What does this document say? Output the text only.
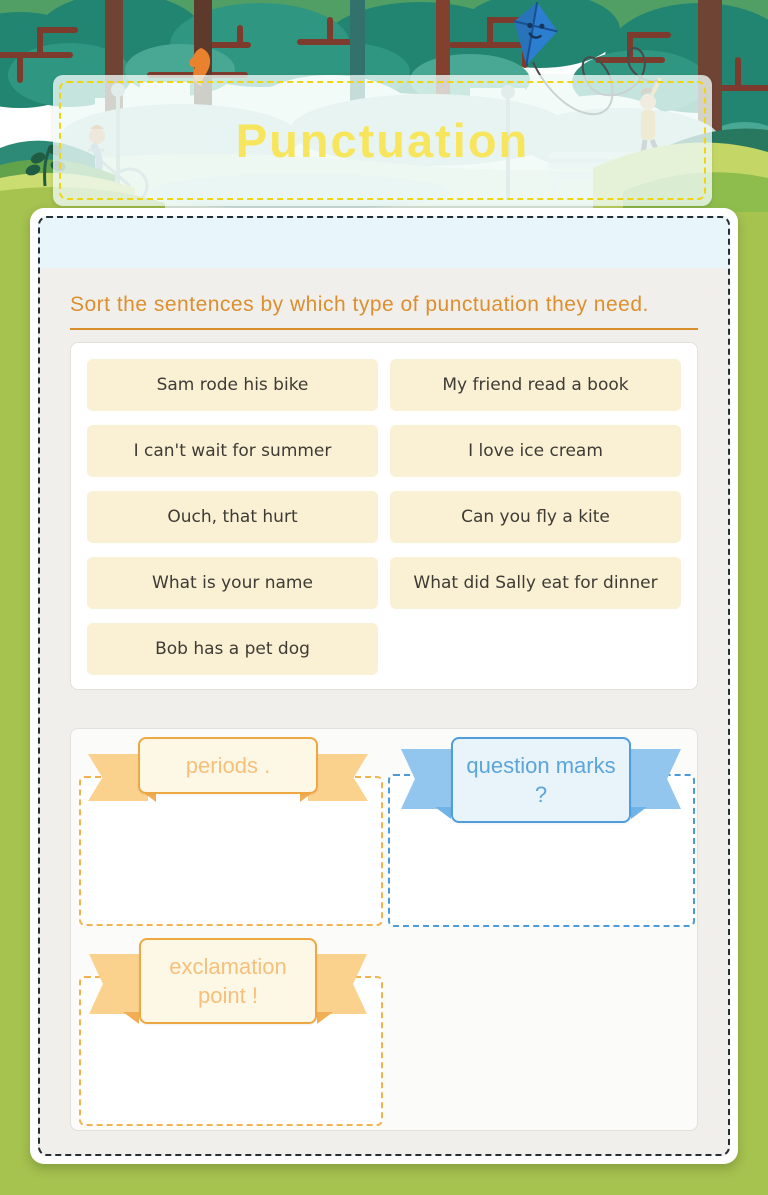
Punctuation
Sort the sentences by which type of punctuation they need.
Sam rode his bike	My friend read a book
I can't wait for summer	I love ice cream
Ouch, that hurt	Can you fly a kite
What is your name	What did Sally eat for dinner
Bob has a pet dog
periods .	question marks ?
exclamation point !
